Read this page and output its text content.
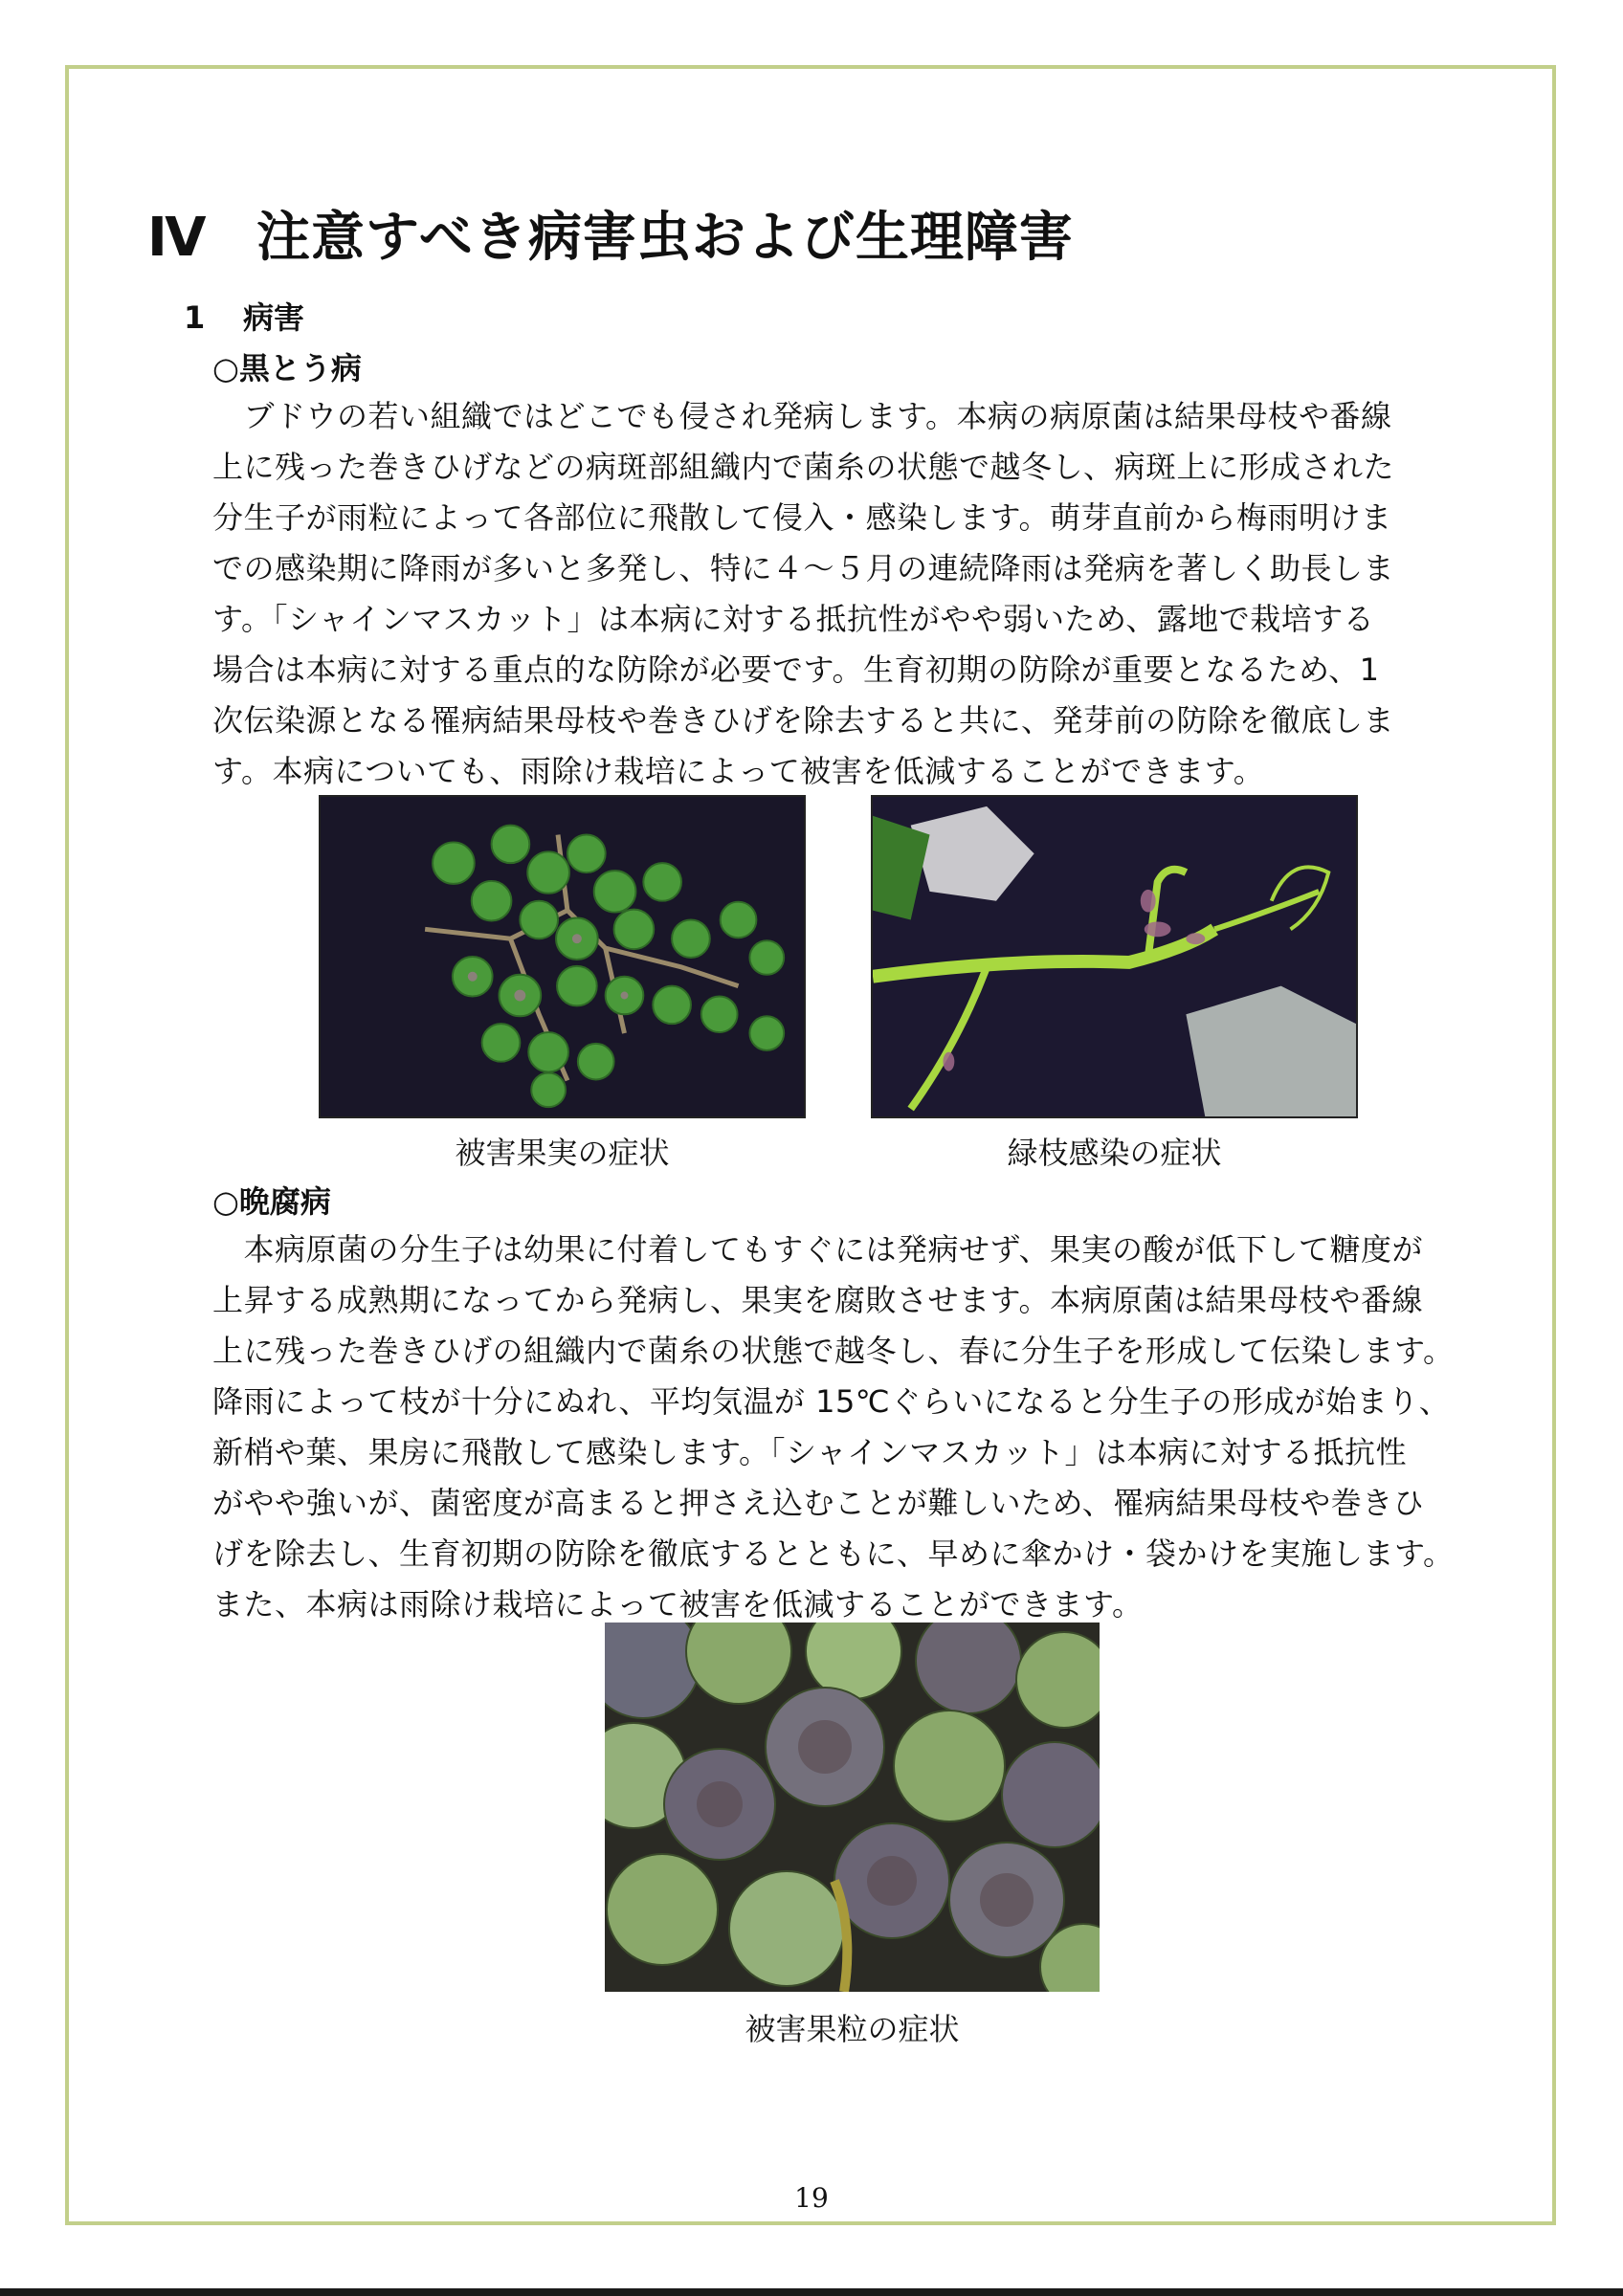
Ⅳ 注意すべき病害虫および生理障害
1 病害
○黒とう病
　ブドウの若い組織ではどこでも侵され発病します。本病の病原菌は結果母枝や番線
上に残った巻きひげなどの病斑部組織内で菌糸の状態で越冬し、病斑上に形成された
分生子が雨粒によって各部位に飛散して侵入・感染します。萌芽直前から梅雨明けま
での感染期に降雨が多いと多発し、特に４～５月の連続降雨は発病を著しく助長しま
す。「シャインマスカット」は本病に対する抵抗性がやや弱いため、露地で栽培する
場合は本病に対する重点的な防除が必要です。生育初期の防除が重要となるため、1
次伝染源となる罹病結果母枝や巻きひげを除去すると共に、発芽前の防除を徹底しま
す。本病についても、雨除け栽培によって被害を低減することができます。

被害果実の症状	緑枝感染の症状

○晩腐病
　本病原菌の分生子は幼果に付着してもすぐには発病せず、果実の酸が低下して糖度が
上昇する成熟期になってから発病し、果実を腐敗させます。本病原菌は結果母枝や番線
上に残った巻きひげの組織内で菌糸の状態で越冬し、春に分生子を形成して伝染します。
降雨によって枝が十分にぬれ、平均気温が 15℃ぐらいになると分生子の形成が始まり、
新梢や葉、果房に飛散して感染します。「シャインマスカット」は本病に対する抵抗性
がやや強いが、菌密度が高まると押さえ込むことが難しいため、罹病結果母枝や巻きひ
げを除去し、生育初期の防除を徹底するとともに、早めに傘かけ・袋かけを実施します。
また、本病は雨除け栽培によって被害を低減することができます。

被害果粒の症状

19
